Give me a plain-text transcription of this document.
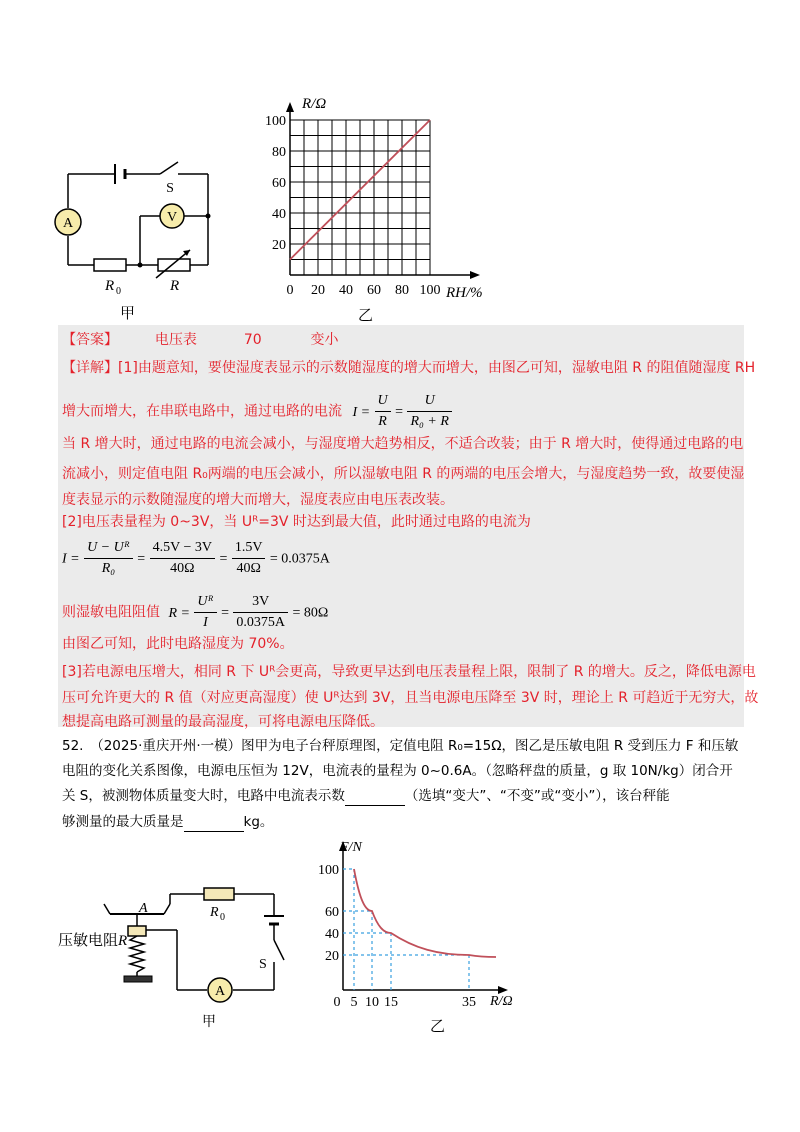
A	V
S
R 0	R
甲
0 20 40 60 80 100
20
40
60
80
100
R/Ω
RH/%
乙
【答案】	电压表	70	变小
【详解】[1]由题意知，要使湿度表显示的示数随湿度的增大而增大，由图乙可知，湿敏电阻 R 的阻值随湿度 RH
增大而增大，在串联电路中，通过电路的电流 $I = \frac{U}{R} = \frac{U}{\text{R₀ + R}}$
当 R 增大时，通过电路的电流会减小，与湿度增大趋势相反，不适合改装；由于 R 增大时，使得通过电路的电
流减小，则定值电阻 R₀两端的电压会减小，所以湿敏电阻 R 的两端的电压会增大，与湿度趋势一致，故要使湿
度表显示的示数随湿度的增大而增大，湿度表应由电压表改装。
[2]电压表量程为 0~3V，当 Uᴿ=3V 时达到最大值，此时通过电路的电流为
$I = \frac{\text{U − Uᴿ}}{\text{R₀}} = \frac{4.5V - 3V}{40\Omega} = \frac{1.5V}{40\Omega} = 0.0375A$
则湿敏电阻阻值 $R = \frac{\text{Uᴿ}}{I} = \frac{3V}{0.0375A} = 80\Omega$
由图乙可知，此时电路湿度为 70%。
[3]若电源电压增大，相同 R 下 Uᴿ会更高，导致更早达到电压表量程上限，限制了 R 的增大。反之，降低电源电
压可允许更大的 R 值（对应更高湿度）使 Uᴿ达到 3V，且当电源电压降至 3V 时，理论上 R 可趋近于无穷大，故
想提高电路可测量的最高湿度，可将电源电压降低。
52.　（2025·重庆开州·一模）图甲为电子台秤原理图，定值电阻 R₀=15Ω，图乙是压敏电阻 R 受到压力 F 和压敏
电阻的变化关系图像，电源电压恒为 12V，电流表的量程为 0~0.6A。（忽略秤盘的质量，g 取 10N/kg）闭合开
关 S，被测物体质量变大时，电路中电流表示数	（选填“变大”、“不变”或“变小”），该台秤能
够测量的最大质量是	kg。
A
A	R 0
压敏电阻 R
S
甲
F/N
R/Ω
0 5 10 15	35
20
40
60
100
乙
